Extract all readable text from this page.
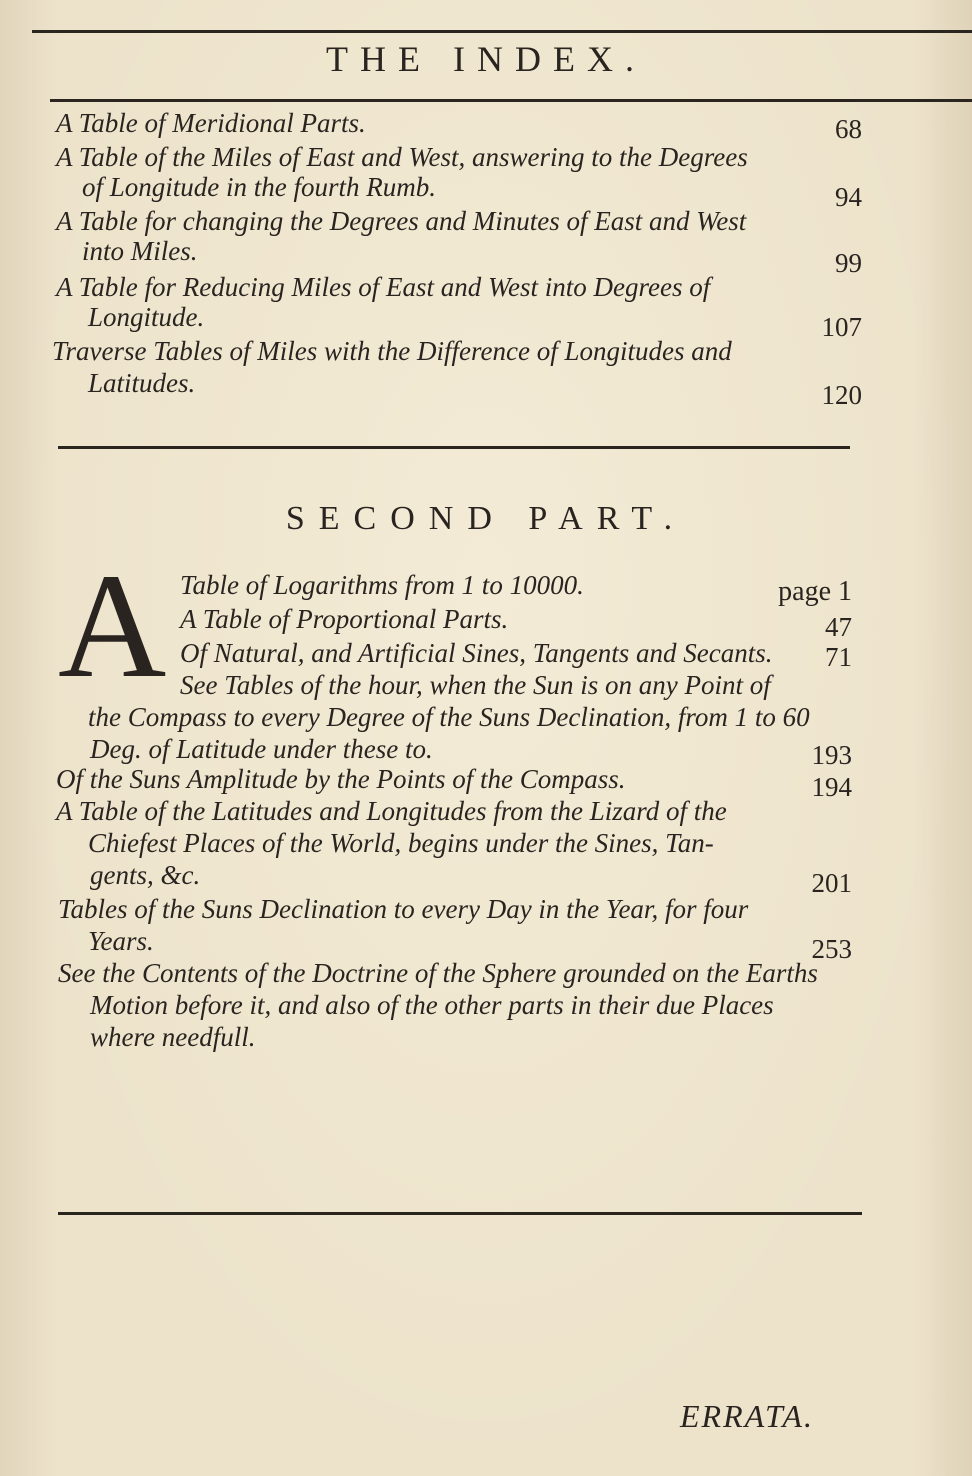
THE INDEX.
A Table of Meridional Parts.	68
A Table of the Miles of East and West, answering to the Degrees
of Longitude in the fourth Rumb.	94
A Table for changing the Degrees and Minutes of East and West
into Miles.	99
A Table for Reducing Miles of East and West into Degrees of
Longitude.	107
Traverse Tables of Miles with the Difference of Longitudes and
Latitudes.	120
SECOND PART.
A Table of Logarithms from 1 to 10000.	page 1
A Table of Proportional Parts.	47
Of Natural, and Artificial Sines, Tangents and Secants. 71
See Tables of the hour, when the Sun is on any Point of
the Compass to every Degree of the Suns Declination, from 1 to 60
Deg. of Latitude under these to.	193
Of the Suns Amplitude by the Points of the Compass.	194
A Table of the Latitudes and Longitudes from the Lizard of the
Chiefest Places of the World, begins under the Sines, Tan-
gents, &c.	201
Tables of the Suns Declination to every Day in the Year, for four
Years.	253
See the Contents of the Doctrine of the Sphere grounded on the Earths
Motion before it, and also of the other parts in their due Places
where needfull.
ERRATA.
